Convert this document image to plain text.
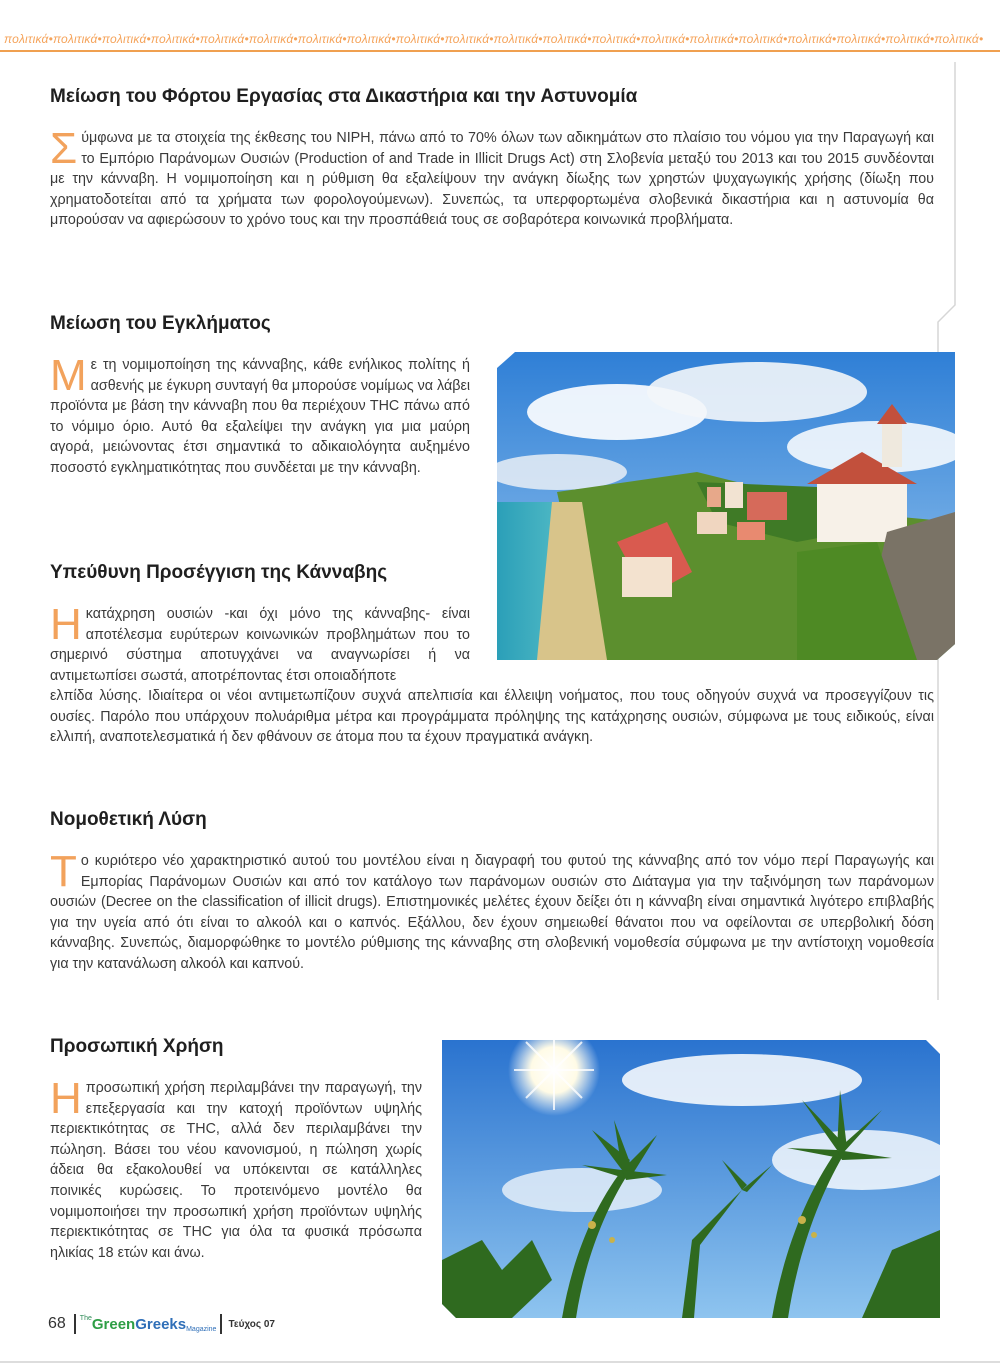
πολιτικά•πολιτικά•πολιτικά•πολιτικά•πολιτικά•πολιτικά•πολιτικά•πολιτικά•πολιτικά•πολιτικά•πολιτικά•πολιτικά•πολιτικά•πολιτικά•πολιτικά•πολιτικά•πολιτικά•πολιτικά•πολιτικά•πολιτικά•
Μείωση του Φόρτου Εργασίας στα Δικαστήρια και την Αστυνομία

Σύμφωνα με τα στοιχεία της έκθεσης του NIPH, πάνω από το 70% όλων των αδικημάτων στο πλαίσιο του νόμου για την Παραγωγή και το Εμπόριο Παράνομων Ουσιών (Production of and Trade in Illicit Drugs Act) στη Σλοβενία μεταξύ του 2013 και του 2015 συνδέονται με την κάνναβη. Η νομιμοποίηση και η ρύθμιση θα εξαλείψουν την ανάγκη δίωξης των χρηστών ψυχαγωγικής χρήσης (δίωξη που χρηματοδοτείται από τα χρήματα των φορολογούμενων). Συνεπώς, τα υπερφορτωμένα σλοβενικά δικαστήρια και η αστυνομία θα μπορούσαν να αφιερώσουν το χρόνο τους και την προσπάθειά τους σε σοβαρότερα κοινωνικά προβλήματα.

Μείωση του Εγκλήματος

Με τη νομιμοποίηση της κάνναβης, κάθε ενήλικος πολίτης ή ασθενής με έγκυρη συνταγή θα μπορούσε νομίμως να λάβει προϊόντα με βάση την κάνναβη που θα περιέχουν THC πάνω από το νόμιμο όριο. Αυτό θα εξαλείψει την ανάγκη για μια μαύρη αγορά, μειώνοντας έτσι σημαντικά το αδικαιολόγητα αυξημένο ποσοστό εγκληματικότητας που συνδέεται με την κάνναβη.

Υπεύθυνη Προσέγγιση της Κάνναβης

Ηκατάχρηση ουσιών -και όχι μόνο της κάνναβης- είναι αποτέλεσμα ευρύτερων κοινωνικών προβλημάτων που το σημερινό σύστημα αποτυγχάνει να αναγνωρίσει ή να αντιμετωπίσει σωστά, αποτρέποντας έτσι οποιαδήποτε

ελπίδα λύσης. Ιδιαίτερα οι νέοι αντιμετωπίζουν συχνά απελπισία και έλλειψη νοήματος, που τους οδηγούν συχνά να προσεγγίζουν τις ουσίες. Παρόλο που υπάρχουν πολυάριθμα μέτρα και προγράμματα πρόληψης της κατάχρησης ουσιών, σύμφωνα με τους ειδικούς, είναι ελλιπή, αναποτελεσματικά ή δεν φθάνουν σε άτομα που τα έχουν πραγματικά ανάγκη.

Νομοθετική Λύση

Το κυριότερο νέο χαρακτηριστικό αυτού του μοντέλου είναι η διαγραφή του φυτού της κάνναβης από τον νόμο περί Παραγωγής και Εμπορίας Παράνομων Ουσιών και από τον κατάλογο των παράνομων ουσιών στο Διάταγμα για την ταξινόμηση των παράνομων ουσιών (Decree on the classification of illicit drugs). Επιστημονικές μελέτες έχουν δείξει ότι η κάνναβη είναι σημαντικά λιγότερο επιβλαβής για την υγεία από ότι είναι το αλκοόλ και ο καπνός. Εξάλλου, δεν έχουν σημειωθεί θάνατοι που να οφείλονται σε υπερβολική δόση κάνναβης. Συνεπώς, διαμορφώθηκε το μοντέλο ρύθμισης της κάνναβης στη σλοβενική νομοθεσία σύμφωνα με την αντίστοιχη νομοθεσία για την κατανάλωση αλκοόλ και καπνού.

Προσωπική Χρήση

Ηπροσωπική χρήση περιλαμβάνει την παραγωγή, την επεξεργασία και την κατοχή προϊόντων υψηλής περιεκτικότητας σε THC, αλλά δεν περιλαμβάνει την πώληση. Βάσει του νέου κανονισμού, η πώληση χωρίς άδεια θα εξακολουθεί να υπόκεινται σε κατάλληλες ποινικές κυρώσεις. Το προτεινόμενο μοντέλο θα νομιμοποιήσει την προσωπική χρήση προϊόντων υψηλής περιεκτικότητας σε THC για όλα τα φυσικά πρόσωπα ηλικίας 18 ετών και άνω.

68 The Green Greeks Magazine Τεύχος 07
